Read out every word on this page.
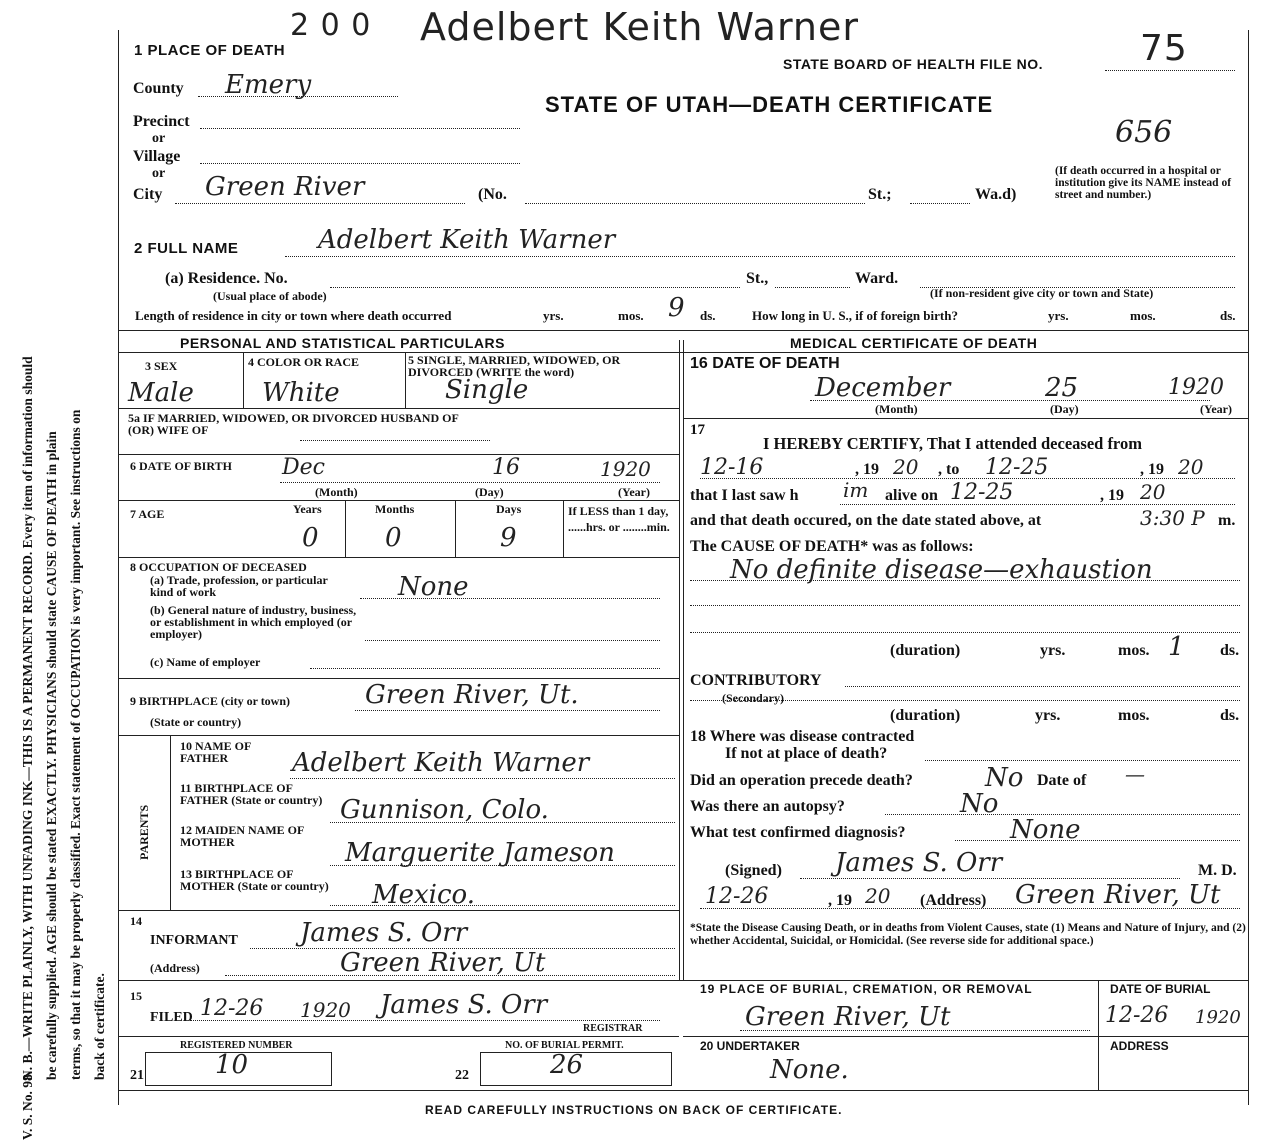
N. B.—WRITE PLAINLY, WITH UNFADING INK—THIS IS A PERMANENT RECORD. Every item of information should be carefully supplied. AGE should be stated EXACTLY. PHYSICIANS should state CAUSE OF DEATH in plain terms, so that it may be properly classified. Exact statement of OCCUPATION is very important. See instructions on back of certificate.
V. S. No. 98.
2 0 0 Adelbert Keith Warner
1 PLACE OF DEATH
STATE BOARD OF HEALTH FILE NO.	75
STATE OF UTAH—DEATH CERTIFICATE
656
County Emery
Precinct
or
Village
or
City Green River	(No.	St.;	Wa.d)
(If death occurred in a hospital or institution give its NAME instead of street and number.)
2 FULL NAME	Adelbert Keith Warner
(a) Residence. No.	St.,	Ward.
(Usual place of abode)	(If non-resident give city or town and State)
Length of residence in city or town where death occurred	yrs.	mos. 9 ds.	How long in U. S., if of foreign birth?	yrs.	mos.	ds.
PERSONAL AND STATISTICAL PARTICULARS	MEDICAL CERTIFICATE OF DEATH
3 SEX
Male
4 COLOR OR RACE
White
5 SINGLE, MARRIED, WIDOWED, OR DIVORCED (WRITE the word)
Single
5a IF MARRIED, WIDOWED, OR DIVORCED HUSBAND OF (OR) WIFE OF
6 DATE OF BIRTH Dec	16	1920
(Month)	(Day)	(Year)
7 AGE	Years	Months	Days
0	0	9
If LESS than 1 day, ......hrs. or ........min.
8 OCCUPATION OF DECEASED
(a) Trade, profession, or particular kind of work	None
(b) General nature of industry, business, or establishment in which employed (or employer)
(c) Name of employer
9 BIRTHPLACE (city or town)
(State or country)
Green River, Ut.
PARENTS
10 NAME OF FATHER	Adelbert Keith Warner
11 BIRTHPLACE OF FATHER (State or country) Gunnison, Colo.
12 MAIDEN NAME OF MOTHER	Marguerite Jameson
13 BIRTHPLACE OF MOTHER (State or country) Mexico.
14
INFORMANT James S. Orr
(Address)	Green River, Ut
15
FILED 12-26 1920 James S. Orr
REGISTRAR
REGISTERED NUMBER
21	10
NO. OF BURIAL PERMIT.
22	26
16 DATE OF DEATH
December	25	1920
(Month)	(Day)	(Year)
17
I HEREBY CERTIFY, That I attended deceased from
12-16	, 19 20 , to 12-25	, 19 20
that I last saw h im alive on 12-25	, 19 20
and that death occured, on the date stated above, at	3:30 P m.
The CAUSE OF DEATH* was as follows:
No definite disease—exhaustion
(duration)	yrs.	mos. 1 ds.
CONTRIBUTORY
(Secondary)
(duration)	yrs.	mos.	ds.
18 Where was disease contracted
If not at place of death?
Did an operation precede death?	No Date of —
Was there an autopsy?	No
What test confirmed diagnosis?	None
(Signed) James S. Orr	M. D.
12-26	, 19 20 (Address) Green River, Ut
*State the Disease Causing Death, or in deaths from Violent Causes, state (1) Means and Nature of Injury, and (2) whether Accidental, Suicidal, or Homicidal. (See reverse side for additional space.)
19 PLACE OF BURIAL, CREMATION, OR REMOVAL
Green River, Ut
DATE OF BURIAL
12-26 1920
20 UNDERTAKER
None.
ADDRESS
READ CAREFULLY INSTRUCTIONS ON BACK OF CERTIFICATE.
